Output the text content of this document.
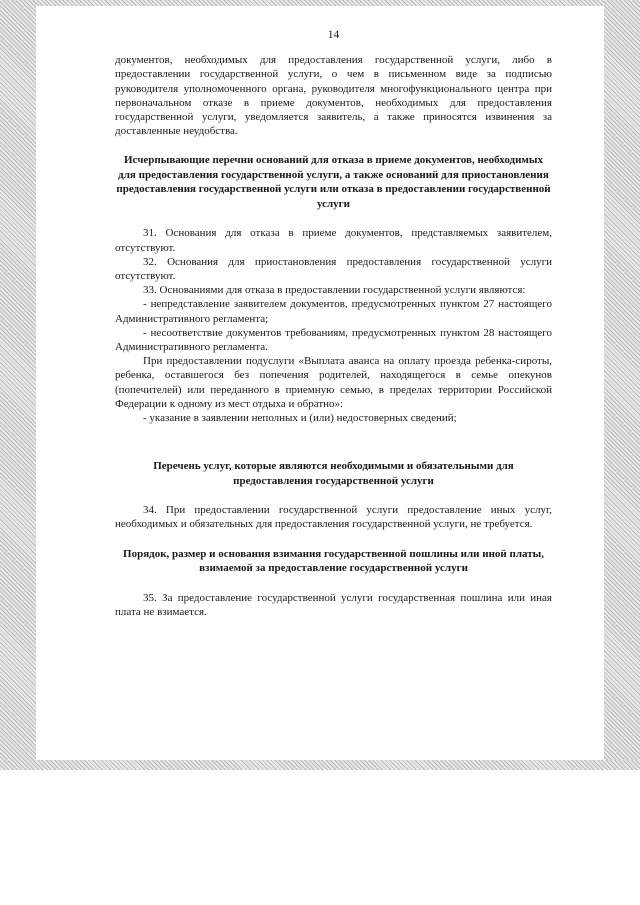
14

документов, необходимых для предоставления государственной услуги, либо в предоставлении государственной услуги, о чем в письменном виде за подписью руководителя уполномоченного органа, руководителя многофункционального центра при первоначальном отказе в приеме документов, необходимых для предоставления государственной услуги, уведомляется заявитель, а также приносятся извинения за доставленные неудобства.

Исчерпывающие перечни оснований для отказа в приеме документов, необходимых для предоставления государственной услуги, а также оснований для приостановления предоставления государственной услуги или отказа в предоставлении государственной услуги

31. Основания для отказа в приеме документов, представляемых заявителем, отсутствуют.

32. Основания для приостановления предоставления государственной услуги отсутствуют.

33. Основаниями для отказа в предоставлении государственной услуги являются:

- непредставление заявителем документов, предусмотренных пунктом 27 настоящего Административного регламента;

- несоответствие документов требованиям, предусмотренных пунктом 28 настоящего Административного регламента.

При предоставлении подуслуги «Выплата аванса на оплату проезда ребенка-сироты, ребенка, оставшегося без попечения родителей, находящегося в семье опекунов (попечителей) или переданного в приемную семью, в пределах территории Российской Федерации к одному из мест отдыха и обратно»:

- указание в заявлении неполных и (или) недостоверных сведений;

Перечень услуг, которые являются необходимыми и обязательными для предоставления государственной услуги

34. При предоставлении государственной услуги предоставление иных услуг, необходимых и обязательных для предоставления государственной услуги, не требуется.

Порядок, размер и основания взимания государственной пошлины или иной платы, взимаемой за предоставление государственной услуги

35. За предоставление государственной услуги государственная пошлина или иная плата не взимается.
